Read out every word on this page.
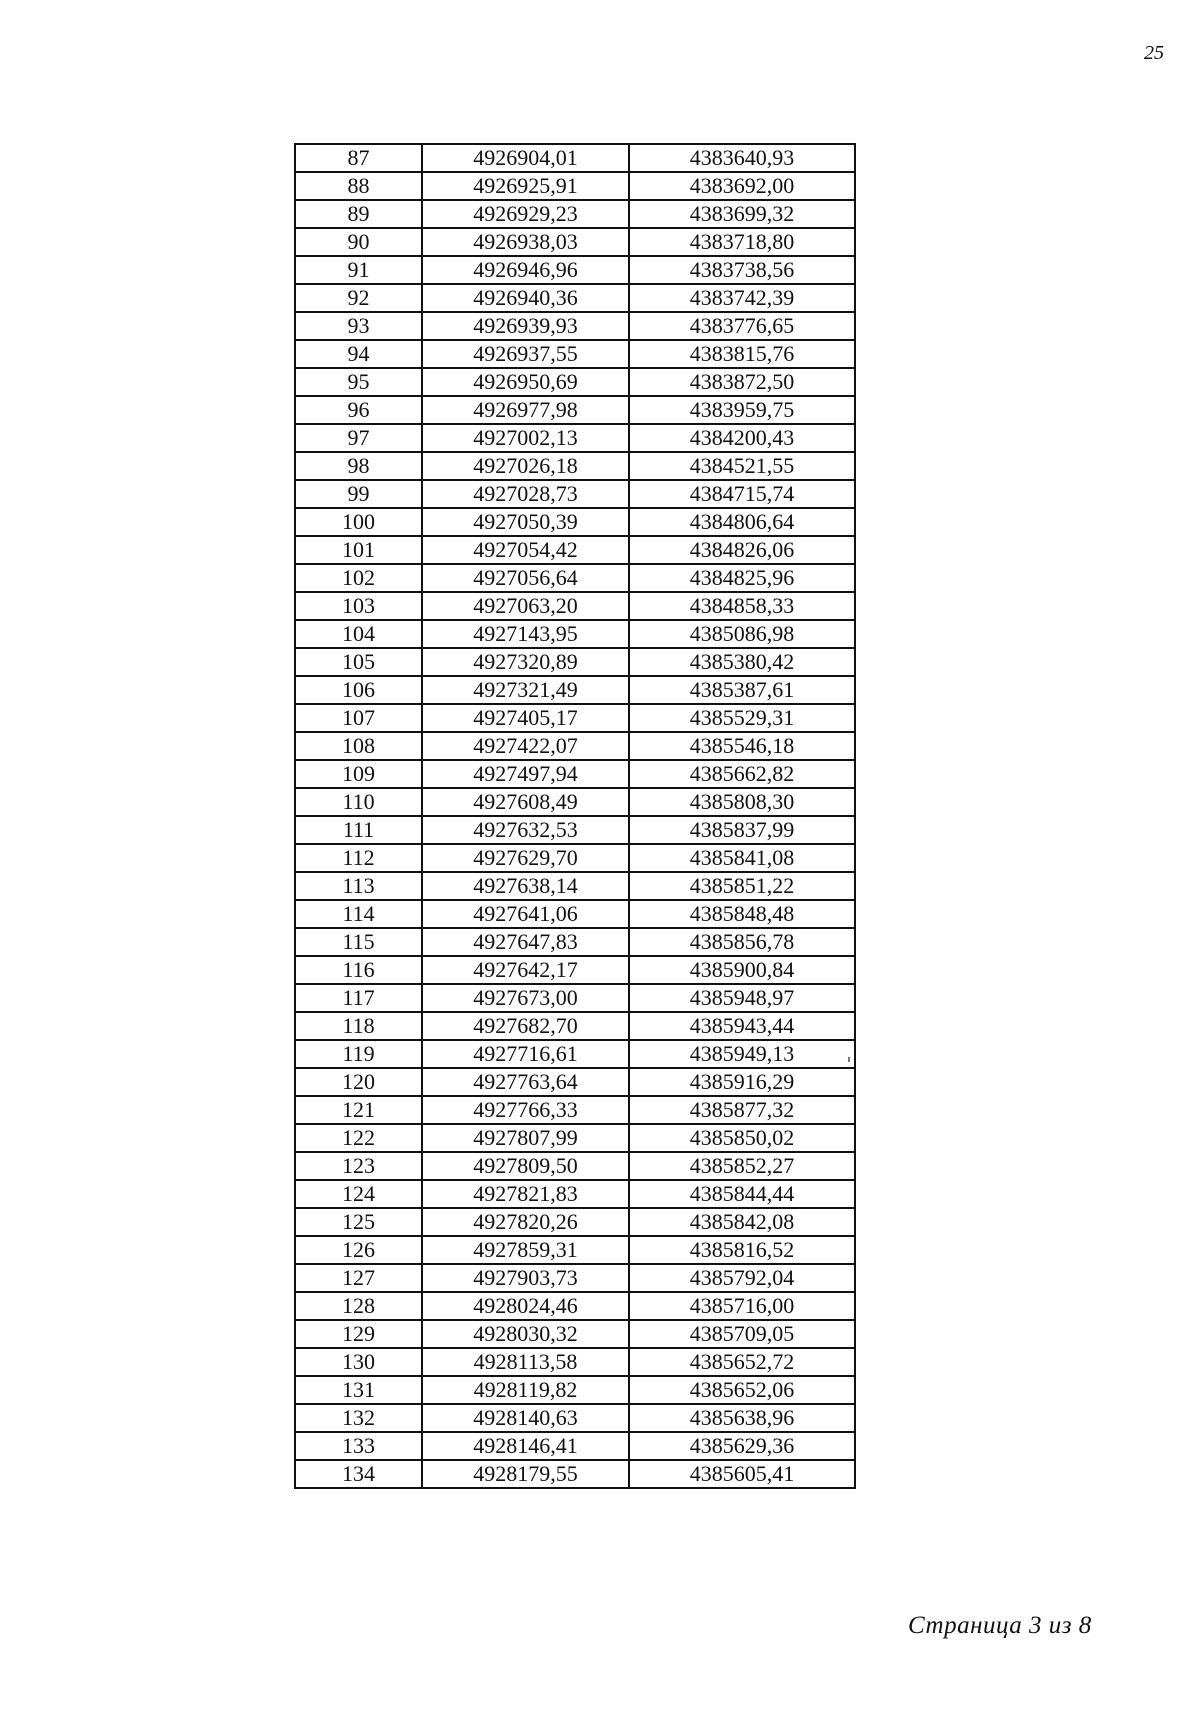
25
87	4926904,01	4383640,93
88	4926925,91	4383692,00
89	4926929,23	4383699,32
90	4926938,03	4383718,80
91	4926946,96	4383738,56
92	4926940,36	4383742,39
93	4926939,93	4383776,65
94	4926937,55	4383815,76
95	4926950,69	4383872,50
96	4926977,98	4383959,75
97	4927002,13	4384200,43
98	4927026,18	4384521,55
99	4927028,73	4384715,74
100	4927050,39	4384806,64
101	4927054,42	4384826,06
102	4927056,64	4384825,96
103	4927063,20	4384858,33
104	4927143,95	4385086,98
105	4927320,89	4385380,42
106	4927321,49	4385387,61
107	4927405,17	4385529,31
108	4927422,07	4385546,18
109	4927497,94	4385662,82
110	4927608,49	4385808,30
111	4927632,53	4385837,99
112	4927629,70	4385841,08
113	4927638,14	4385851,22
114	4927641,06	4385848,48
115	4927647,83	4385856,78
116	4927642,17	4385900,84
117	4927673,00	4385948,97
118	4927682,70	4385943,44
119	4927716,61	4385949,13
120	4927763,64	4385916,29
121	4927766,33	4385877,32
122	4927807,99	4385850,02
123	4927809,50	4385852,27
124	4927821,83	4385844,44
125	4927820,26	4385842,08
126	4927859,31	4385816,52
127	4927903,73	4385792,04
128	4928024,46	4385716,00
129	4928030,32	4385709,05
130	4928113,58	4385652,72
131	4928119,82	4385652,06
132	4928140,63	4385638,96
133	4928146,41	4385629,36
134	4928179,55	4385605,41
Страница 3 из 8
